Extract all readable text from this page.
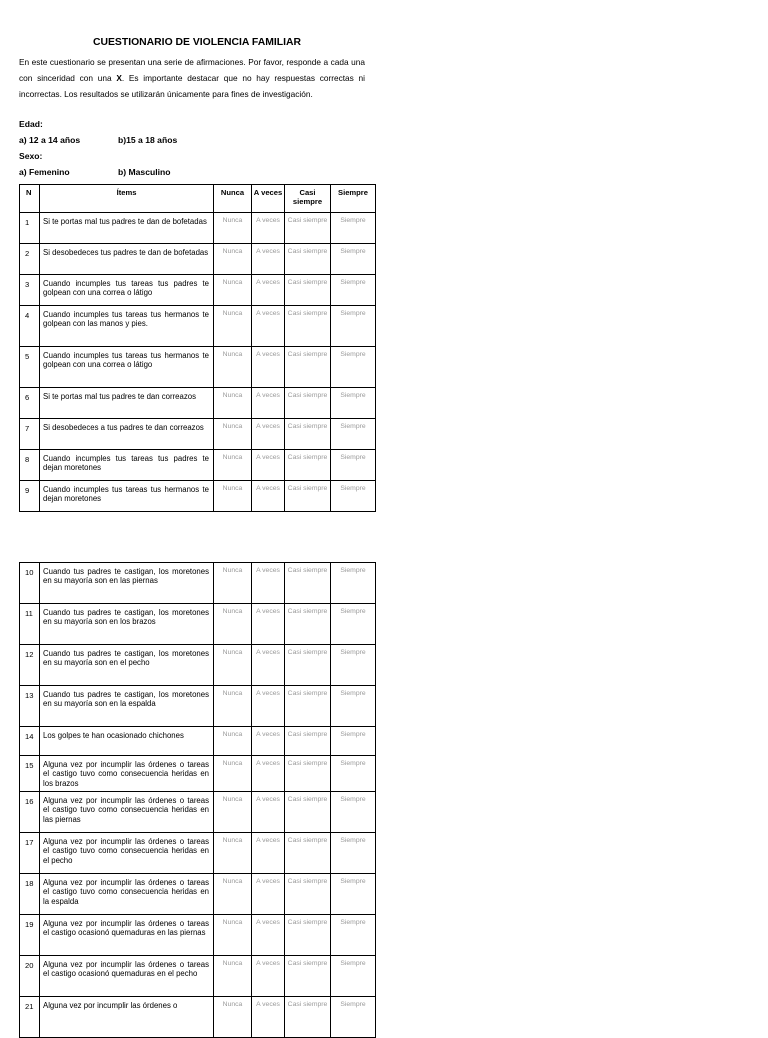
CUESTIONARIO DE VIOLENCIA FAMILIAR
En este cuestionario se presentan una serie de afirmaciones. Por favor, responde a cada una con sinceridad con una X. Es importante destacar que no hay respuestas correctas ni incorrectas. Los resultados se utilizarán únicamente para fines de investigación.
Edad:
a) 12 a 14 años	b)15 a 18 años
Sexo:
a) Femenino	b) Masculino
N	Ítems	Nunca	A veces	Casi siempre	Siempre
1	Si te portas mal tus padres te dan de bofetadas	Nunca	A veces	Casi siempre	Siempre
2	Si desobedeces tus padres te dan de bofetadas	Nunca	A veces	Casi siempre	Siempre
3	Cuando incumples tus tareas tus padres te golpean con una correa o látigo	Nunca	A veces	Casi siempre	Siempre
4	Cuando incumples tus tareas tus hermanos te golpean con las manos y pies.	Nunca	A veces	Casi siempre	Siempre
5	Cuando incumples tus tareas tus hermanos te golpean con una correa o látigo	Nunca	A veces	Casi siempre	Siempre
6	Si te portas mal tus padres te dan correazos	Nunca	A veces	Casi siempre	Siempre
7	Si desobedeces a tus padres te dan correazos	Nunca	A veces	Casi siempre	Siempre
8	Cuando incumples tus tareas tus padres te dejan moretones	Nunca	A veces	Casi siempre	Siempre
9	Cuando incumples tus tareas tus hermanos te dejan moretones	Nunca	A veces	Casi siempre	Siempre
10	Cuando tus padres te castigan, los moretones en su mayoría son en las piernas	Nunca	A veces	Casi siempre	Siempre
11	Cuando tus padres te castigan, los moretones en su mayoría son en los brazos	Nunca	A veces	Casi siempre	Siempre
12	Cuando tus padres te castigan, los moretones en su mayoría son en el pecho	Nunca	A veces	Casi siempre	Siempre
13	Cuando tus padres te castigan, los moretones en su mayoría son en la espalda	Nunca	A veces	Casi siempre	Siempre
14	Los golpes te han ocasionado chichones	Nunca	A veces	Casi siempre	Siempre
15	Alguna vez por incumplir las órdenes o tareas el castigo tuvo como consecuencia heridas en los brazos	Nunca	A veces	Casi siempre	Siempre
16	Alguna vez por incumplir las órdenes o tareas el castigo tuvo como consecuencia heridas en las piernas	Nunca	A veces	Casi siempre	Siempre
17	Alguna vez por incumplir las órdenes o tareas el castigo tuvo como consecuencia heridas en el pecho	Nunca	A veces	Casi siempre	Siempre
18	Alguna vez por incumplir las órdenes o tareas el castigo tuvo como consecuencia heridas en la espalda	Nunca	A veces	Casi siempre	Siempre
19	Alguna vez por incumplir las órdenes o tareas el castigo ocasionó quemaduras en las piernas	Nunca	A veces	Casi siempre	Siempre
20	Alguna vez por incumplir las órdenes o tareas el castigo ocasionó quemaduras en el pecho	Nunca	A veces	Casi siempre	Siempre
21	Alguna vez por incumplir las órdenes o	Nunca	A veces	Casi siempre	Siempre
